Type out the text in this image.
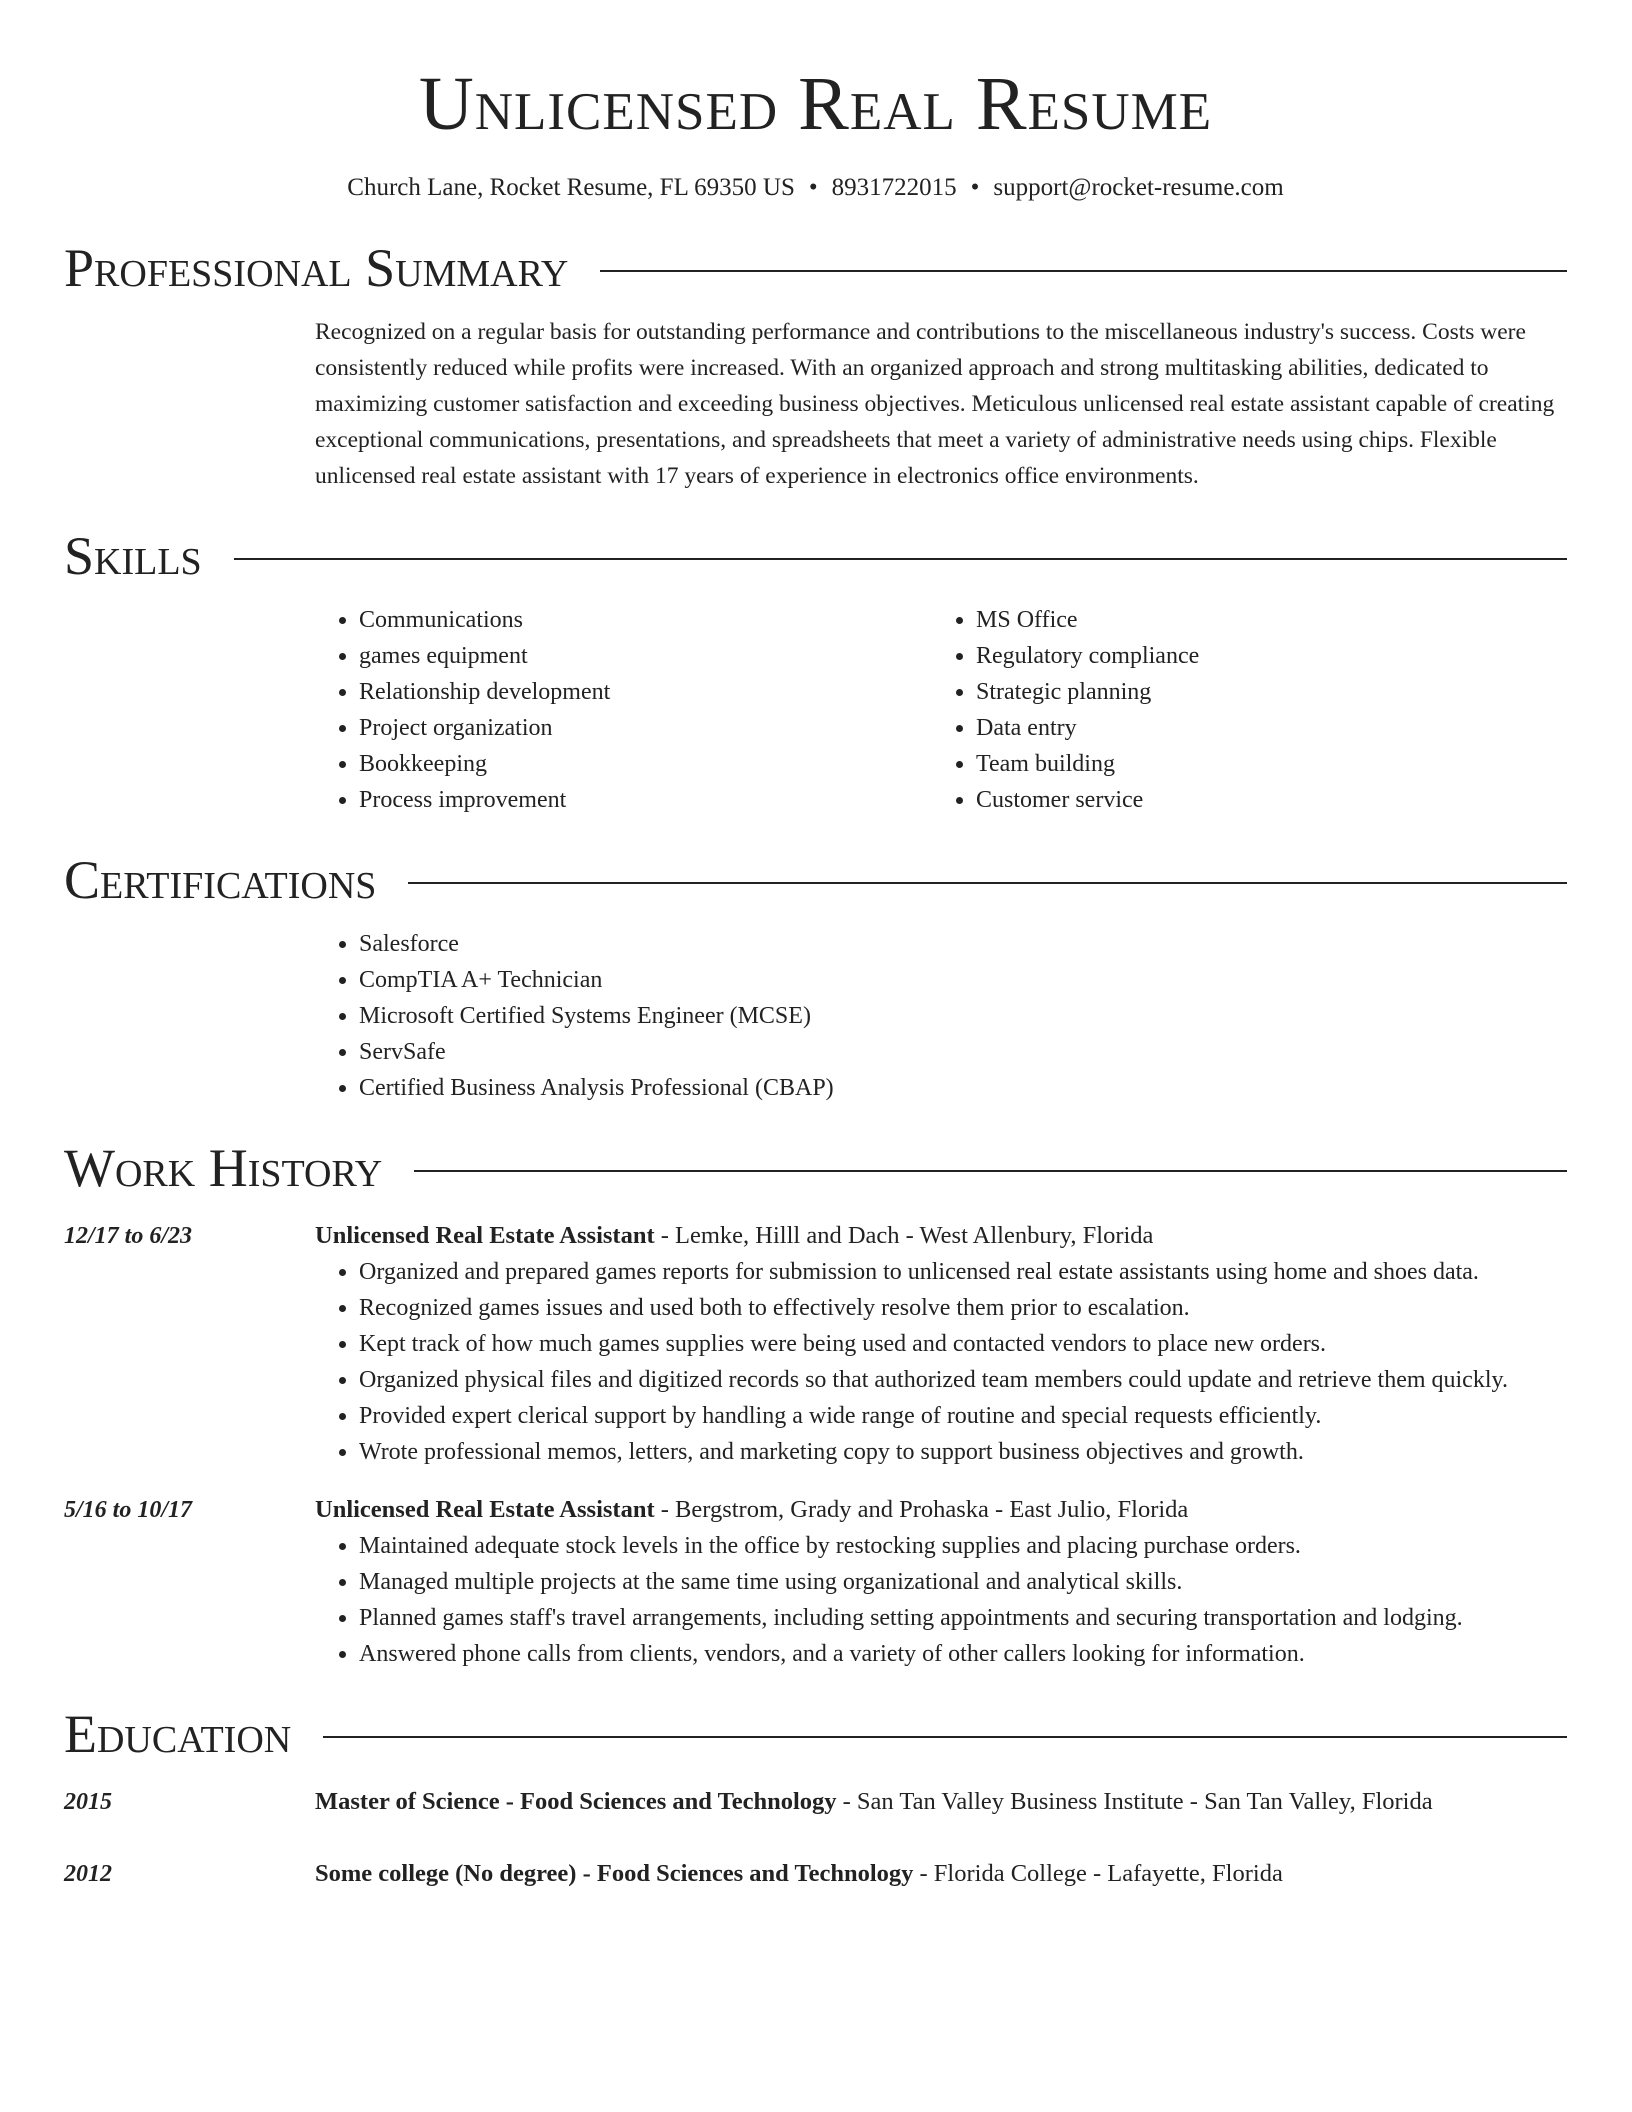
Unlicensed Real Resume
Church Lane, Rocket Resume, FL 69350 US • 8931722015 • support@rocket-resume.com
Professional Summary
Recognized on a regular basis for outstanding performance and contributions to the miscellaneous industry's success. Costs were consistently reduced while profits were increased. With an organized approach and strong multitasking abilities, dedicated to maximizing customer satisfaction and exceeding business objectives. Meticulous unlicensed real estate assistant capable of creating exceptional communications, presentations, and spreadsheets that meet a variety of administrative needs using chips. Flexible unlicensed real estate assistant with 17 years of experience in electronics office environments.
Skills
• Communications
• games equipment
• Relationship development
• Project organization
• Bookkeeping
• Process improvement
• MS Office
• Regulatory compliance
• Strategic planning
• Data entry
• Team building
• Customer service
Certifications
• Salesforce
• CompTIA A+ Technician
• Microsoft Certified Systems Engineer (MCSE)
• ServSafe
• Certified Business Analysis Professional (CBAP)
Work History
12/17 to 6/23	Unlicensed Real Estate Assistant - Lemke, Hilll and Dach - West Allenbury, Florida
• Organized and prepared games reports for submission to unlicensed real estate assistants using home and shoes data.
• Recognized games issues and used both to effectively resolve them prior to escalation.
• Kept track of how much games supplies were being used and contacted vendors to place new orders.
• Organized physical files and digitized records so that authorized team members could update and retrieve them quickly.
• Provided expert clerical support by handling a wide range of routine and special requests efficiently.
• Wrote professional memos, letters, and marketing copy to support business objectives and growth.
5/16 to 10/17	Unlicensed Real Estate Assistant - Bergstrom, Grady and Prohaska - East Julio, Florida
• Maintained adequate stock levels in the office by restocking supplies and placing purchase orders.
• Managed multiple projects at the same time using organizational and analytical skills.
• Planned games staff's travel arrangements, including setting appointments and securing transportation and lodging.
• Answered phone calls from clients, vendors, and a variety of other callers looking for information.
Education
2015	Master of Science - Food Sciences and Technology - San Tan Valley Business Institute - San Tan Valley, Florida
2012	Some college (No degree) - Food Sciences and Technology - Florida College - Lafayette, Florida
